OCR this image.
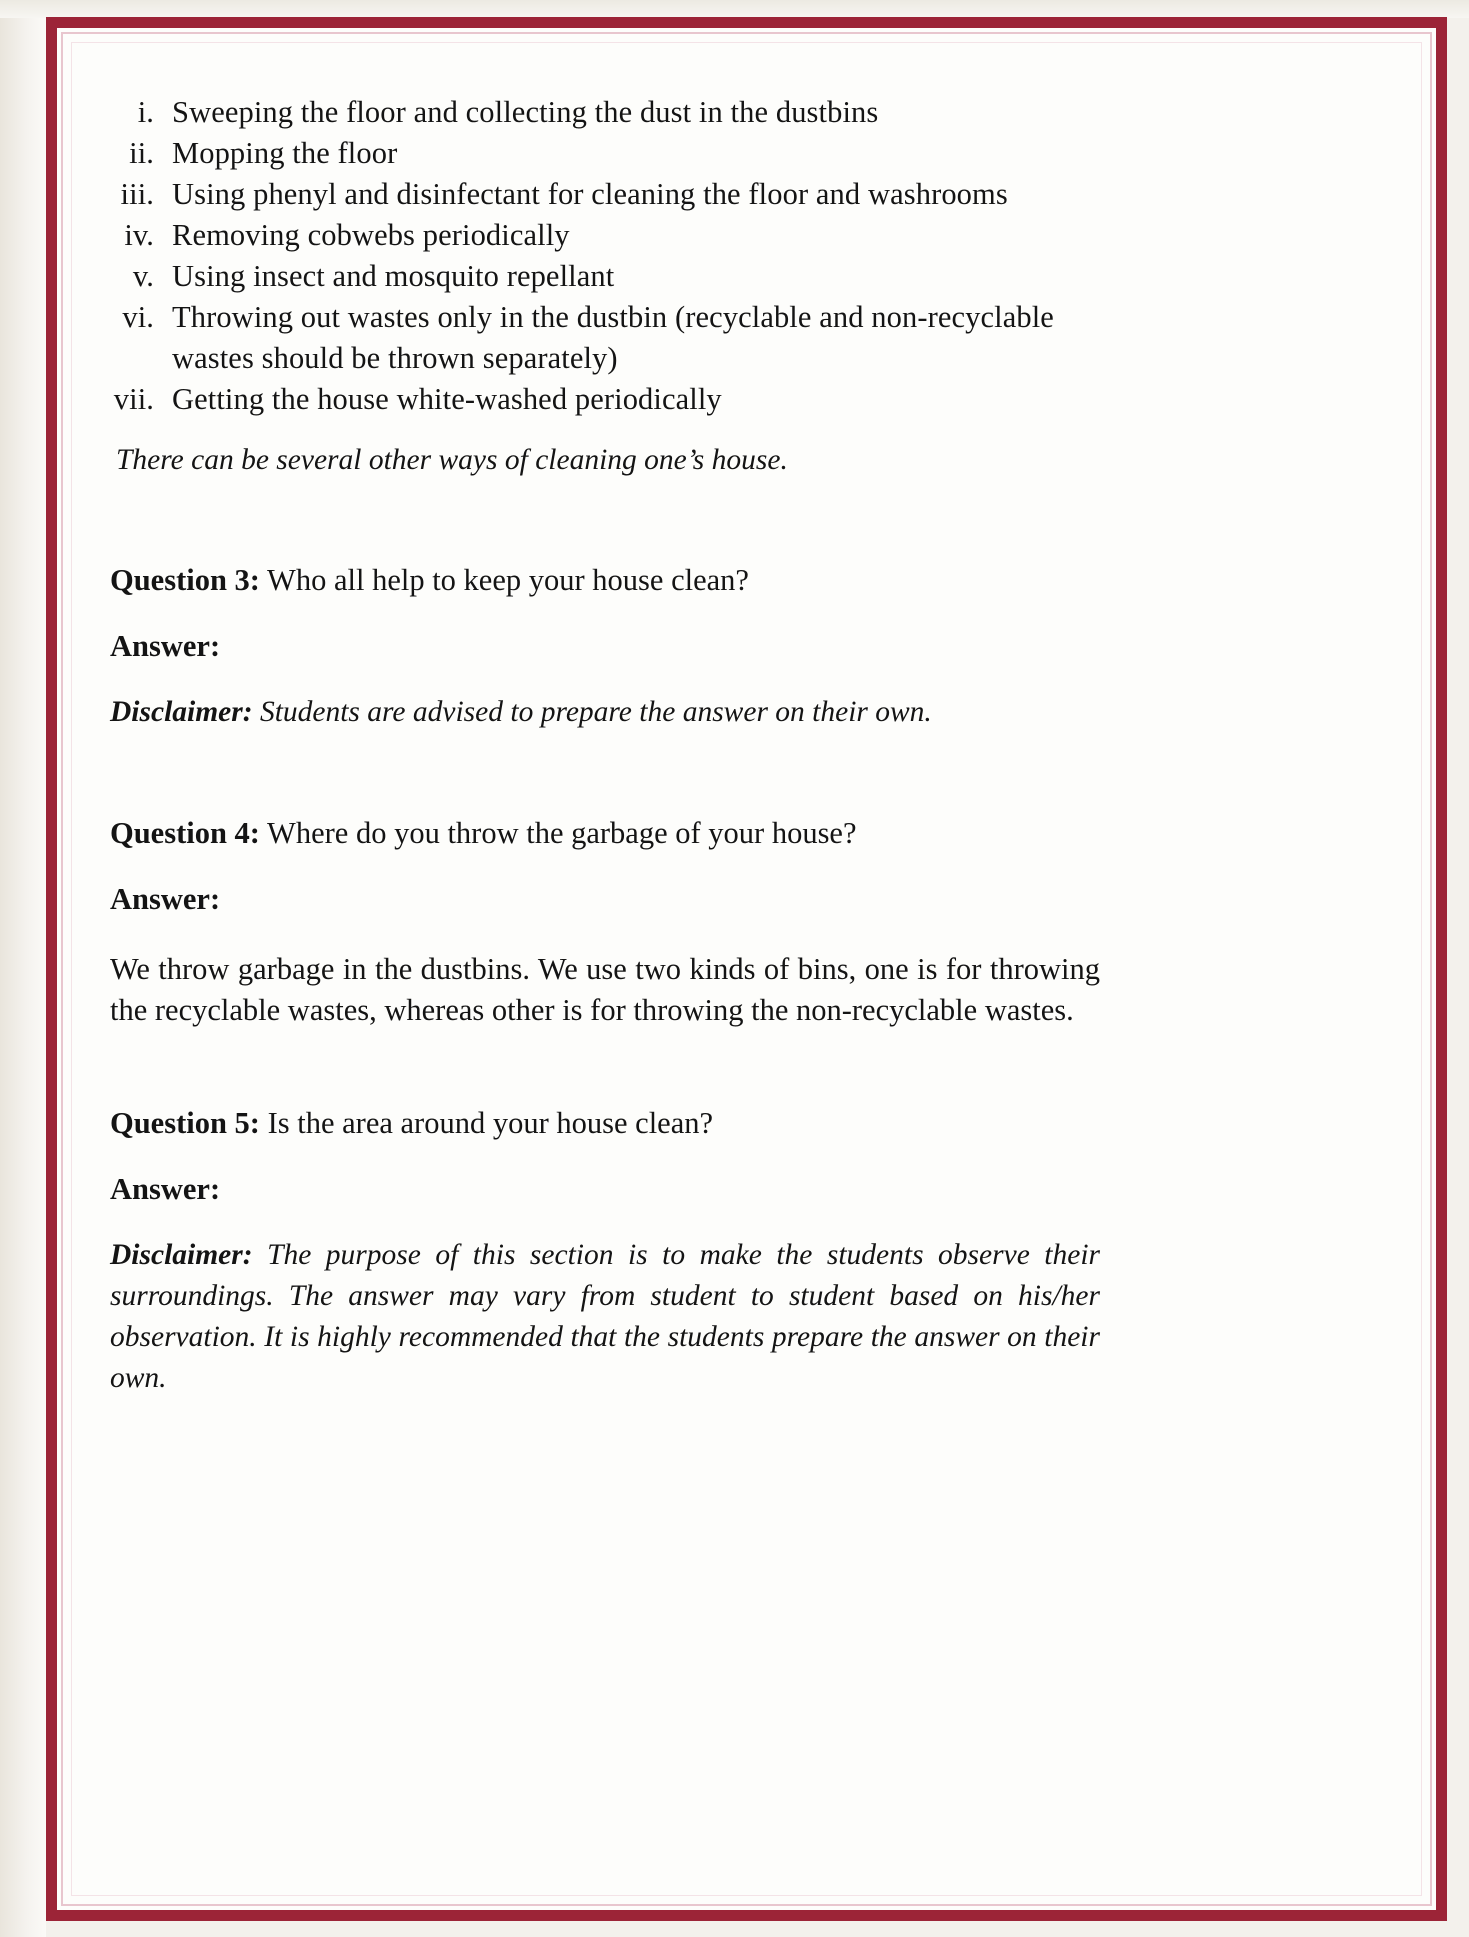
i. Sweeping the floor and collecting the dust in the dustbins
ii. Mopping the floor
iii. Using phenyl and disinfectant for cleaning the floor and washrooms
iv. Removing cobwebs periodically
v. Using insect and mosquito repellant
vi. Throwing out wastes only in the dustbin (recyclable and non-recyclable wastes should be thrown separately)
vii. Getting the house white-washed periodically

There can be several other ways of cleaning one’s house.

Question 3: Who all help to keep your house clean?

Answer:

Disclaimer: Students are advised to prepare the answer on their own.

Question 4: Where do you throw the garbage of your house?

Answer:

We throw garbage in the dustbins. We use two kinds of bins, one is for throwing the recyclable wastes, whereas other is for throwing the non-recyclable wastes.

Question 5: Is the area around your house clean?

Answer:

Disclaimer: The purpose of this section is to make the students observe their surroundings. The answer may vary from student to student based on his/her observation. It is highly recommended that the students prepare the answer on their own.
